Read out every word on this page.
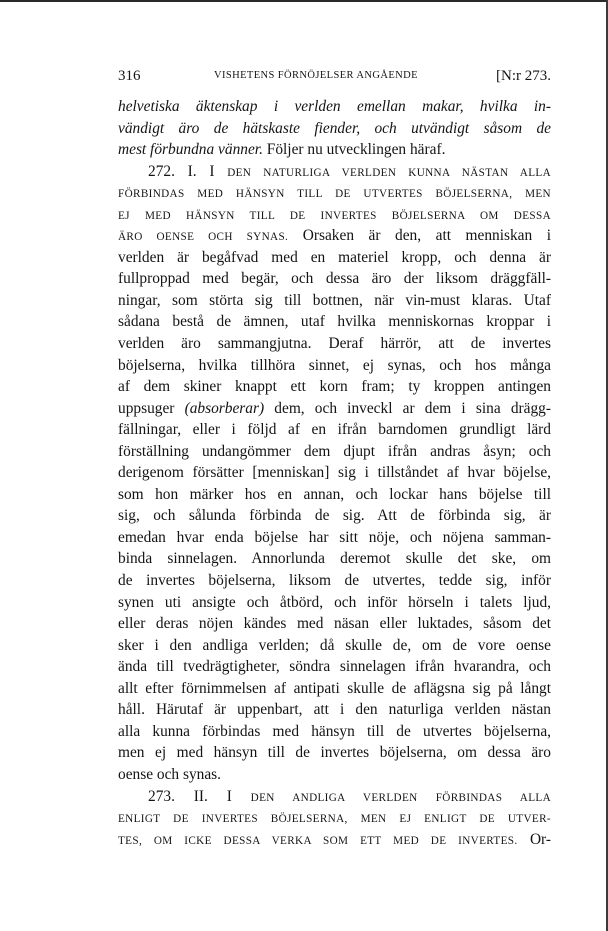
316	VISHETENS FÖRNÖJELSER ANGÅENDE	[N:r 273.
helvetiska äktenskap i verlden emellan makar, hvilka in-
vändigt äro de hätskaste fiender, och utvändigt såsom de
mest förbundna vänner. Följer nu utvecklingen häraf.
272. I. I DEN NATURLIGA VERLDEN KUNNA NÄSTAN ALLA
FÖRBINDAS MED HÄNSYN TILL DE UTVERTES BÖJELSERNA, MEN
EJ MED HÄNSYN TILL DE INVERTES BÖJELSERNA OM DESSA
ÄRO OENSE OCH SYNAS. Orsaken är den, att menniskan i
verlden är begåfvad med en materiel kropp, och denna är
fullproppad med begär, och dessa äro der liksom dräggfäll-
ningar, som störta sig till bottnen, när vin-must klaras. Utaf
sådana bestå de ämnen, utaf hvilka menniskornas kroppar i
verlden äro sammangjutna. Deraf härrör, att de invertes
böjelserna, hvilka tillhöra sinnet, ej synas, och hos många
af dem skiner knappt ett korn fram; ty kroppen antingen
uppsuger (absorberar) dem, och inveckl ar dem i sina drägg-
fällningar, eller i följd af en ifrån barndomen grundligt lärd
förställning undangömmer dem djupt ifrån andras åsyn; och
derigenom försätter [menniskan] sig i tillståndet af hvar böjelse,
som hon märker hos en annan, och lockar hans böjelse till
sig, och sålunda förbinda de sig. Att de förbinda sig, är
emedan hvar enda böjelse har sitt nöje, och nöjena samman-
binda sinnelagen. Annorlunda deremot skulle det ske, om
de invertes böjelserna, liksom de utvertes, tedde sig, inför
synen uti ansigte och åtbörd, och inför hörseln i talets ljud,
eller deras nöjen kändes med näsan eller luktades, såsom det
sker i den andliga verlden; då skulle de, om de vore oense
ända till tvedrägtigheter, söndra sinnelagen ifrån hvarandra, och
allt efter förnimmelsen af antipati skulle de aflägsna sig på långt
håll. Härutaf är uppenbart, att i den naturliga verlden nästan
alla kunna förbindas med hänsyn till de utvertes böjelserna,
men ej med hänsyn till de invertes böjelserna, om dessa äro
oense och synas.
273. II. I DEN ANDLIGA VERLDEN FÖRBINDAS ALLA
ENLIGT DE INVERTES BÖJELSERNA, MEN EJ ENLIGT DE UTVER-
TES, OM ICKE DESSA VERKA SOM ETT MED DE INVERTES. Or-
